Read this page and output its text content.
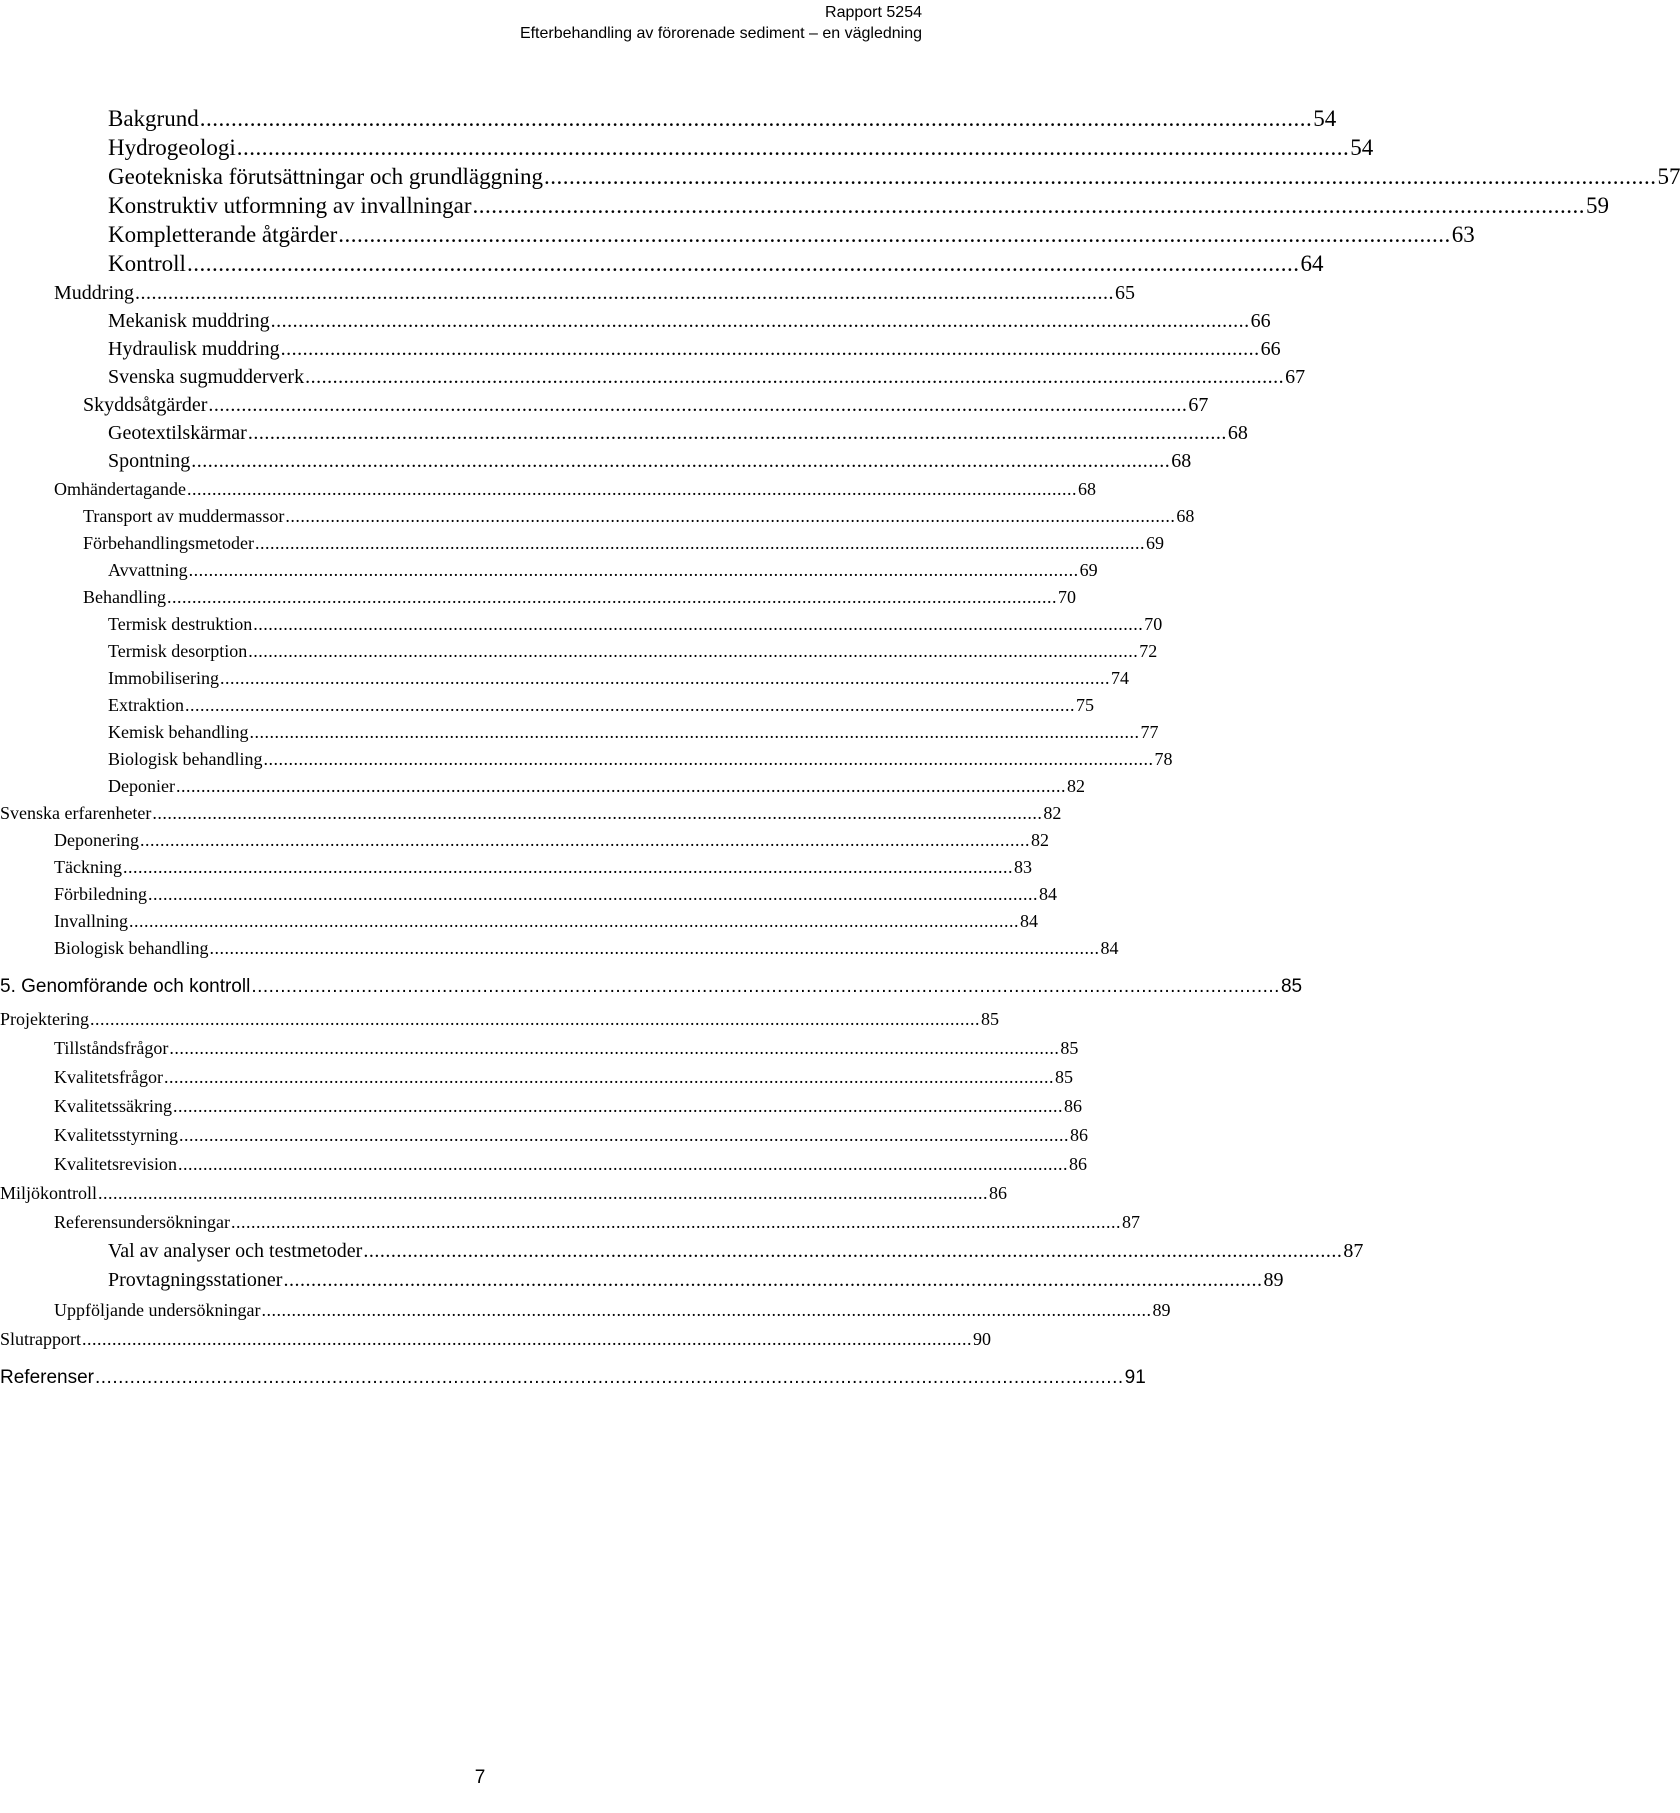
Rapport 5254
Efterbehandling av förorenade sediment – en vägledning
Bakgrund .................................................................................................................................................................................. 54
Hydrogeologi .................................................................................................................................................................................. 54
Geotekniska förutsättningar och grundläggning .................................................................................................................................................................................. 57
Konstruktiv utformning av invallningar .................................................................................................................................................................................. 59
Kompletterande åtgärder .................................................................................................................................................................................. 63
Kontroll .................................................................................................................................................................................. 64
Muddring .................................................................................................................................................................................. 65
Mekanisk muddring .................................................................................................................................................................................. 66
Hydraulisk muddring .................................................................................................................................................................................. 66
Svenska sugmudderverk .................................................................................................................................................................................. 67
Skyddsåtgärder .................................................................................................................................................................................. 67
Geotextilskärmar .................................................................................................................................................................................. 68
Spontning .................................................................................................................................................................................. 68
Omhändertagande .................................................................................................................................................................................. 68
Transport av muddermassor .................................................................................................................................................................................. 68
Förbehandlingsmetoder .................................................................................................................................................................................. 69
Avvattning .................................................................................................................................................................................. 69
Behandling .................................................................................................................................................................................. 70
Termisk destruktion .................................................................................................................................................................................. 70
Termisk desorption .................................................................................................................................................................................. 72
Immobilisering .................................................................................................................................................................................. 74
Extraktion .................................................................................................................................................................................. 75
Kemisk behandling .................................................................................................................................................................................. 77
Biologisk behandling .................................................................................................................................................................................. 78
Deponier .................................................................................................................................................................................. 82
Svenska erfarenheter .................................................................................................................................................................................. 82
Deponering .................................................................................................................................................................................. 82
Täckning .................................................................................................................................................................................. 83
Förbiledning .................................................................................................................................................................................. 84
Invallning .................................................................................................................................................................................. 84
Biologisk behandling .................................................................................................................................................................................. 84
5. Genomförande och kontroll .................................................................................................................................................................................. 85
Projektering .................................................................................................................................................................................. 85
Tillståndsfrågor .................................................................................................................................................................................. 85
Kvalitetsfrågor .................................................................................................................................................................................. 85
Kvalitetssäkring .................................................................................................................................................................................. 86
Kvalitetsstyrning .................................................................................................................................................................................. 86
Kvalitetsrevision .................................................................................................................................................................................. 86
Miljökontroll .................................................................................................................................................................................. 86
Referensundersökningar .................................................................................................................................................................................. 87
Val av analyser och testmetoder .................................................................................................................................................................................. 87
Provtagningsstationer .................................................................................................................................................................................. 89
Uppföljande undersökningar .................................................................................................................................................................................. 89
Slutrapport .................................................................................................................................................................................. 90
Referenser .................................................................................................................................................................................. 91
7
